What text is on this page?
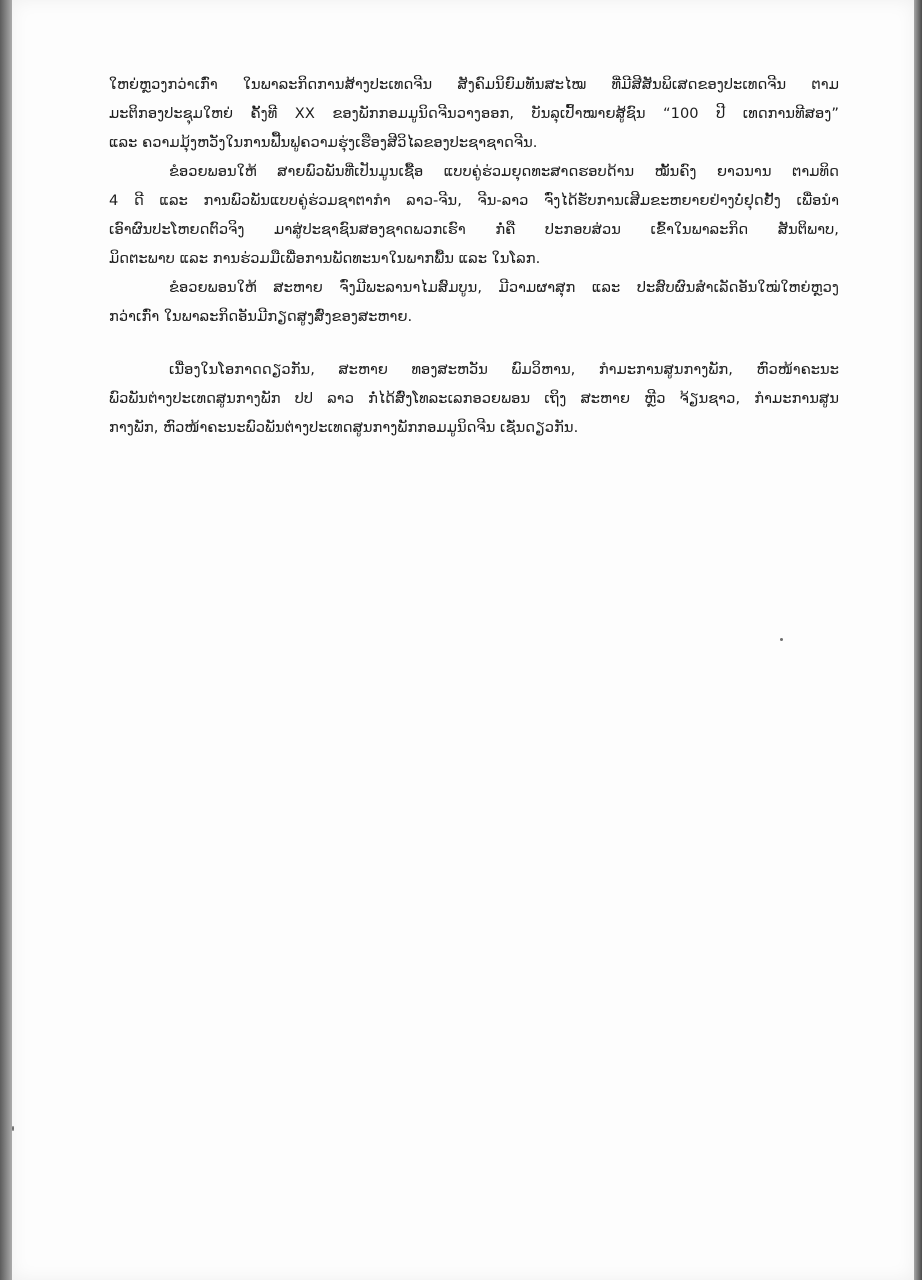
ໃຫຍ່ຫຼວງກວ່າເກົ່າ ໃນພາລະກິດການສ້າງປະເທດຈີນ ສັງຄົມນິຍົມທັນສະໄໝ ທີ່ມີສີສັນພິເສດຂອງປະເທດຈີນ ຕາມ
ມະຕິກອງປະຊຸມໃຫຍ່ ຄັ້ງທີ XX ຂອງພັກກອມມູນິດຈີນວາງອອກ, ບັນລຸເປົ້າໝາຍສູ້ຊົນ “100 ປີ ເທດການທີສອງ”
ແລະ ຄວາມມຸ້ງຫວັງໃນການຟື້ນຟູຄວາມຮຸ່ງເຮືອງສີວິໄລຂອງປະຊາຊາດຈີນ.
ຂໍອວຍພອນໃຫ້ ສາຍພົວພັນທີ່ເປັນມູນເຊື້ອ ແບບຄູ່ຮ່ວມຍຸດທະສາດຮອບດ້ານ ໝັ້ນຄົງ ຍາວນານ ຕາມທິດ
4 ດີ ແລະ ການພົວພັນແບບຄູ່ຮ່ວມຊາຕາກຳ ລາວ-ຈີນ, ຈີນ-ລາວ ຈົ່ງໄດ້ຮັບການເສີມຂະຫຍາຍຢ່າງບໍ່ຢຸດຢັ້ງ ເພື່ອນໍາ
ເອົາຜົນປະໂຫຍດຕົວຈິງ ມາສູ່ປະຊາຊົນສອງຊາດພວກເຮົາ ກໍ່ຄື ປະກອບສ່ວນ ເຂົ້າໃນພາລະກິດ ສັນຕິພາບ,
ມິດຕະພາບ ແລະ ການຮ່ວມມືເພື່ອການພັດທະນາໃນພາກພື້ນ ແລະ ໃນໂລກ.
ຂໍອວຍພອນໃຫ້ ສະຫາຍ ຈົ່ງມີພະລານາໄມສົມບູນ, ມີວາມຜາສຸກ ແລະ ປະສົບຜົນສໍາເລັດອັນໃໝ່ໃຫຍ່ຫຼວງ
ກວ່າເກົ່າ ໃນພາລະກິດອັນມີກຽດສູງສົ່ງຂອງສະຫາຍ.
ເນື່ອງໃນໂອກາດດຽວກັນ, ສະຫາຍ ທອງສະຫວັນ ພົມວິຫານ, ກໍາມະການສູນກາງພັກ, ຫົວໜ້າຄະນະ
ພົວພັນຕ່າງປະເທດສູນກາງພັກ ປປ ລາວ ກໍ່ໄດ້ສົ່ງໂທລະເລກອວຍພອນ ເຖິງ ສະຫາຍ ຫຼີວ ຈ້ຽນຊາວ, ກໍາມະການສູນ
ກາງພັກ, ຫົວໜ້າຄະນະພົວພັນຕ່າງປະເທດສູນກາງພັກກອມມູນິດຈີນ ເຊັ່ນດຽວກັນ.
